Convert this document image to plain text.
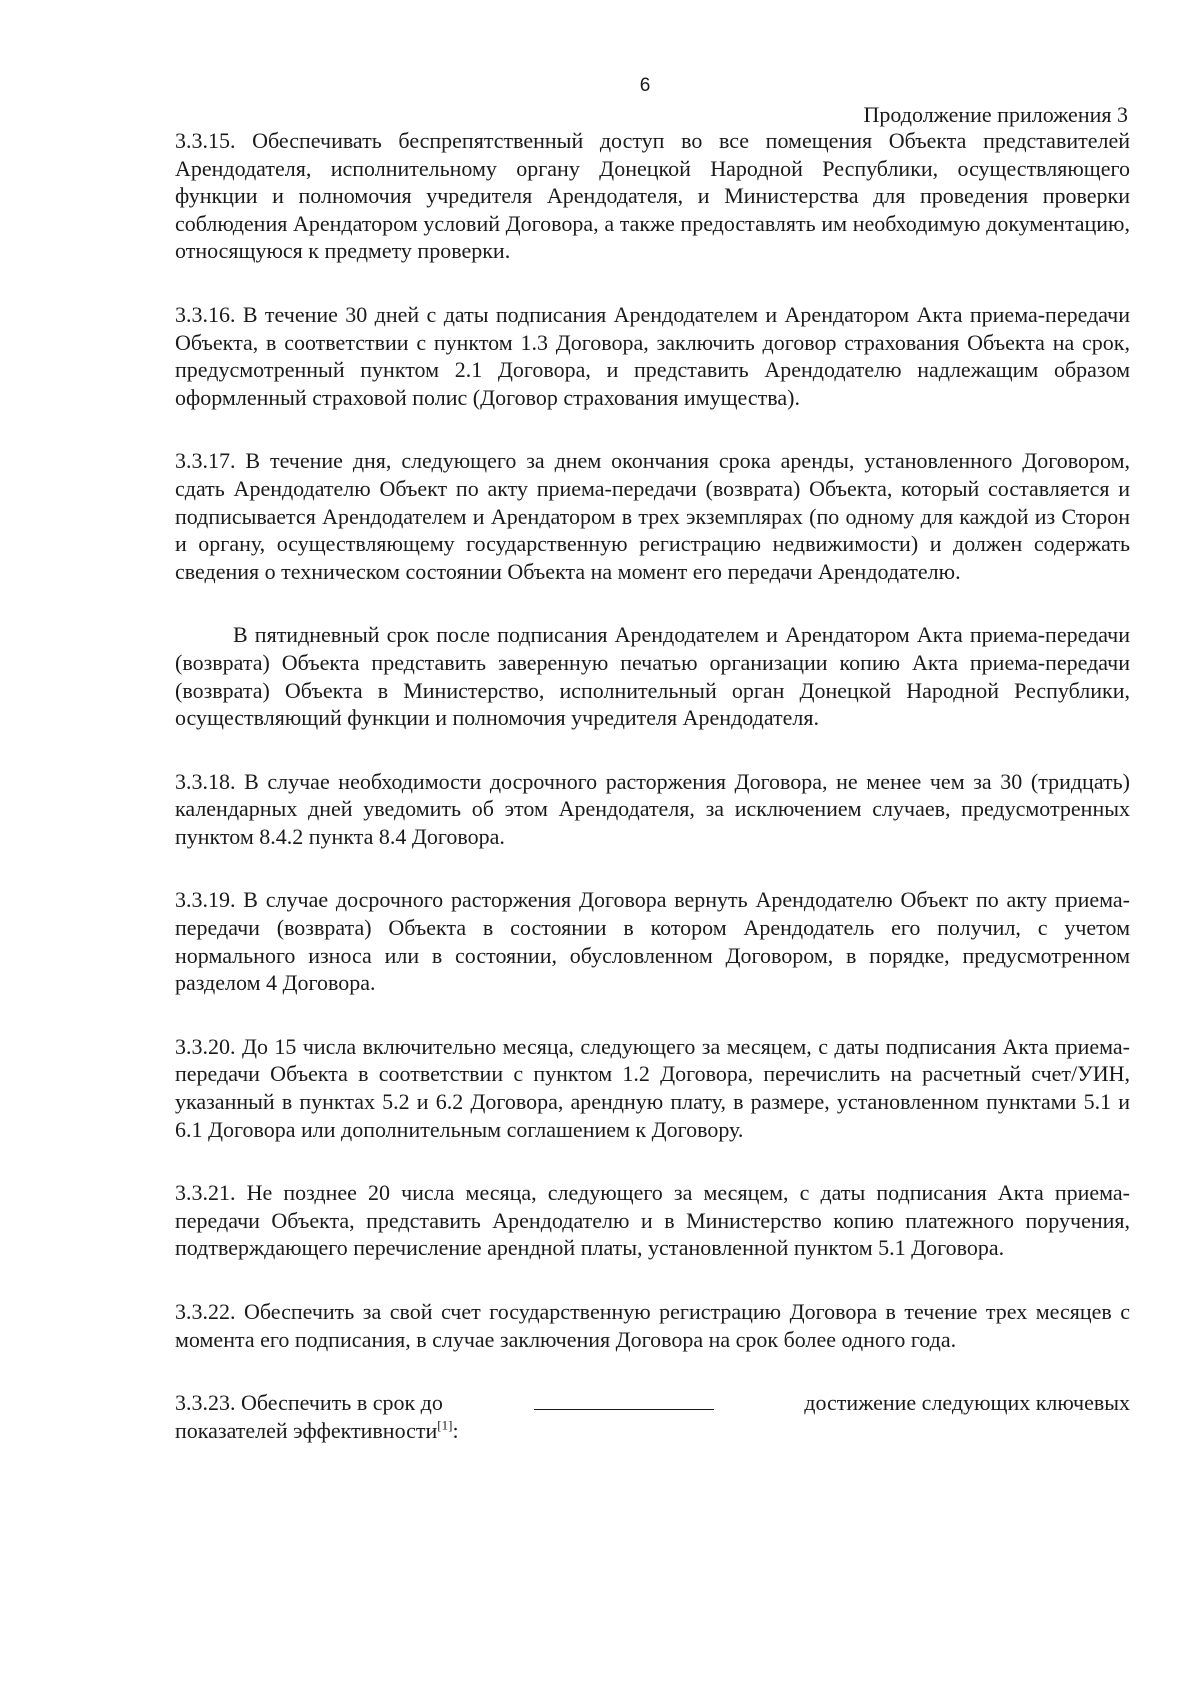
6
Продолжение приложения 3

3.3.15. Обеспечивать беспрепятственный доступ во все помещения Объекта представителей Арендодателя, исполнительному органу Донецкой Народной Республики, осуществляющего функции и полномочия учредителя Арендодателя, и Министерства для проведения проверки соблюдения Арендатором условий Договора, а также предоставлять им необходимую документацию, относящуюся к предмету проверки.

3.3.16. В течение 30 дней с даты подписания Арендодателем и Арендатором Акта приема-передачи Объекта, в соответствии с пунктом 1.3 Договора, заключить договор страхования Объекта на срок, предусмотренный пунктом 2.1 Договора, и представить Арендодателю надлежащим образом оформленный страховой полис (Договор страхования имущества).

3.3.17. В течение дня, следующего за днем окончания срока аренды, установленного Договором, сдать Арендодателю Объект по акту приема-передачи (возврата) Объекта, который составляется и подписывается Арендодателем и Арендатором в трех экземплярах (по одному для каждой из Сторон и органу, осуществляющему государственную регистрацию недвижимости) и должен содержать сведения о техническом состоянии Объекта на момент его передачи Арендодателю.

В пятидневный срок после подписания Арендодателем и Арендатором Акта приема-передачи (возврата) Объекта представить заверенную печатью организации копию Акта приема-передачи (возврата) Объекта в Министерство, исполнительный орган Донецкой Народной Республики, осуществляющий функции и полномочия учредителя Арендодателя.

3.3.18. В случае необходимости досрочного расторжения Договора, не менее чем за 30 (тридцать) календарных дней уведомить об этом Арендодателя, за исключением случаев, предусмотренных пунктом 8.4.2 пункта 8.4 Договора.

3.3.19. В случае досрочного расторжения Договора вернуть Арендодателю Объект по акту приема-передачи (возврата) Объекта в состоянии в котором Арендодатель его получил, с учетом нормального износа или в состоянии, обусловленном Договором, в порядке, предусмотренном разделом 4 Договора.

3.3.20. До 15 числа включительно месяца, следующего за месяцем, с даты подписания Акта приема-передачи Объекта в соответствии с пунктом 1.2 Договора, перечислить на расчетный счет/УИН, указанный в пунктах 5.2 и 6.2 Договора, арендную плату, в размере, установленном пунктами 5.1 и 6.1 Договора или дополнительным соглашением к Договору.

3.3.21. Не позднее 20 числа месяца, следующего за месяцем, с даты подписания Акта приема-передачи Объекта, представить Арендодателю и в Министерство копию платежного поручения, подтверждающего перечисление арендной платы, установленной пунктом 5.1 Договора.

3.3.22. Обеспечить за свой счет государственную регистрацию Договора в течение трех месяцев с момента его подписания, в случае заключения Договора на срок более одного года.

3.3.23. Обеспечить в срок до	достижение следующих ключевых
показателей эффективности[1]:
